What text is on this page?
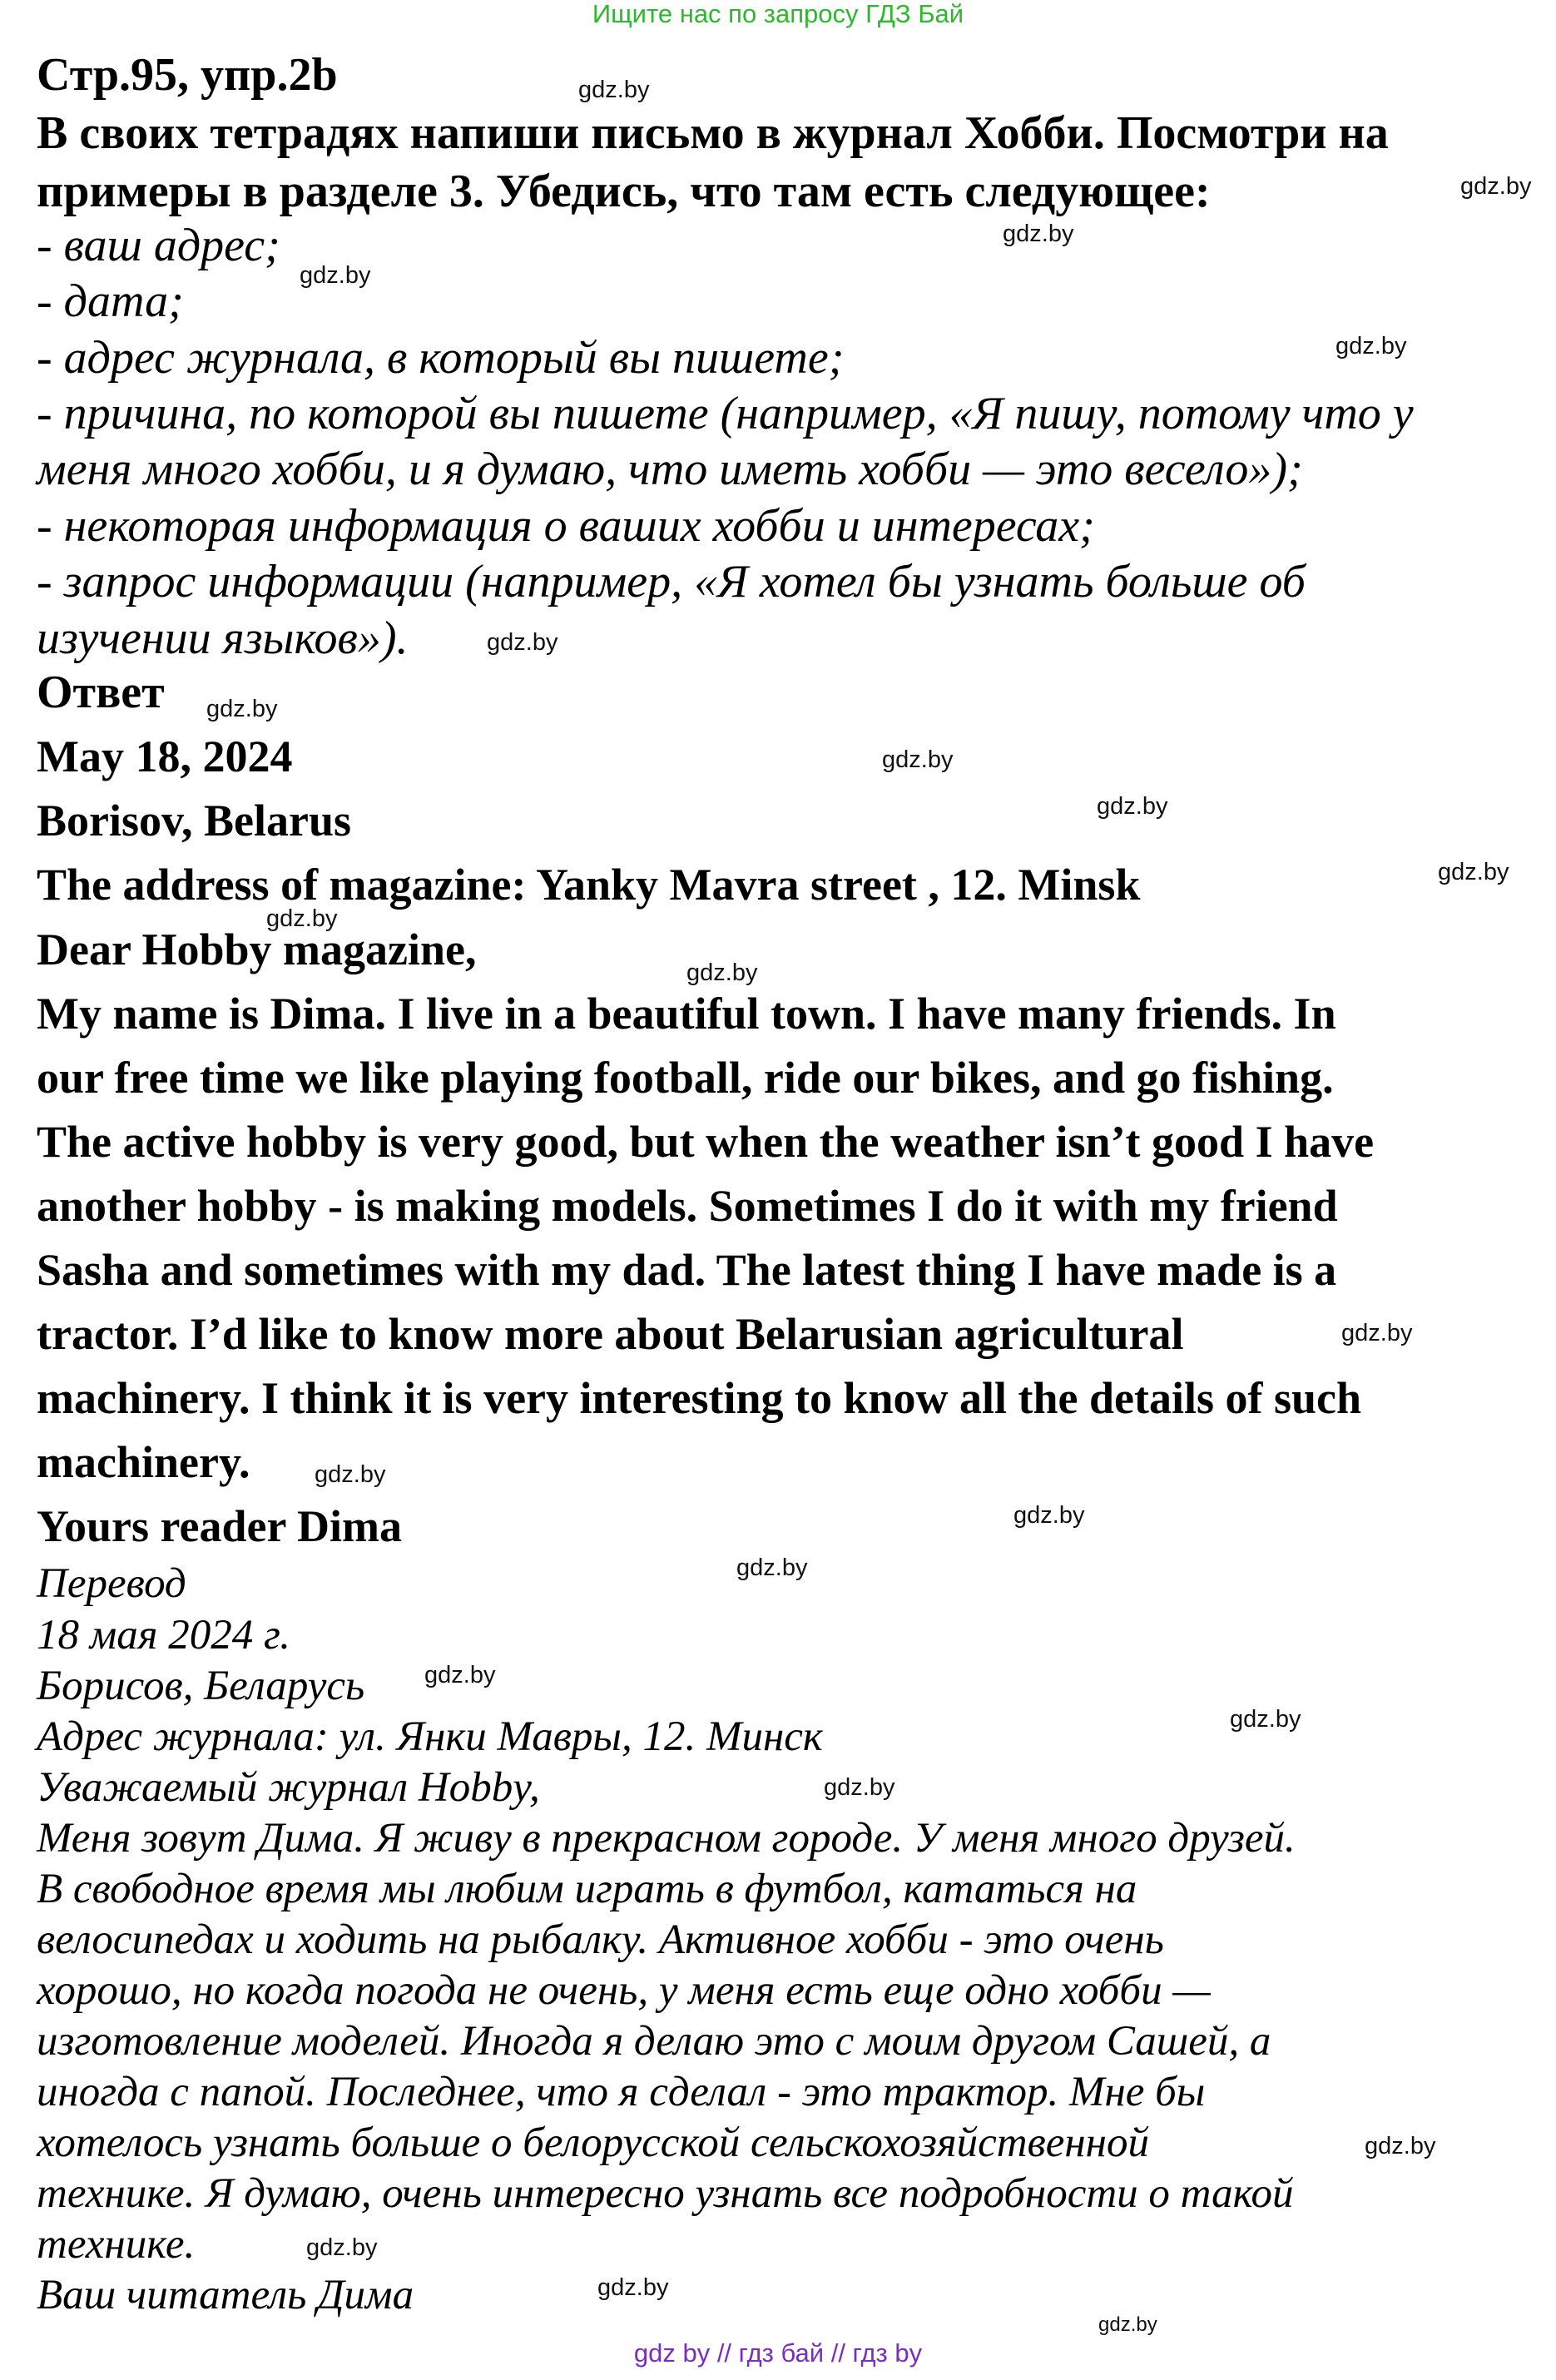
Ищите нас по запросу ГДЗ Бай
Стр.95, упр.2b
В своих тетрадях напиши письмо в журнал Хобби. Посмотри на
примеры в разделе 3. Убедись, что там есть следующее:
- ваш адрес;
- дата;
- адрес журнала, в который вы пишете;
- причина, по которой вы пишете (например, «Я пишу, потому что у
меня много хобби, и я думаю, что иметь хобби — это весело»);
- некоторая информация о ваших хобби и интересах;
- запрос информации (например, «Я хотел бы узнать больше об
изучении языков»).
Ответ
May 18, 2024
Borisov, Belarus
The address of magazine: Yanky Mavra street , 12. Minsk
Dear Hobby magazine,
My name is Dima. I live in a beautiful town. I have many friends. In
our free time we like playing football, ride our bikes, and go fishing.
The active hobby is very good, but when the weather isn’t good I have
another hobby - is making models. Sometimes I do it with my friend
Sasha and sometimes with my dad. The latest thing I have made is a
tractor. I’d like to know more about Belarusian agricultural
machinery. I think it is very interesting to know all the details of such
machinery.
Yours reader Dima
Перевод
18 мая 2024 г.
Борисов, Беларусь
Адрес журнала: ул. Янки Мавры, 12. Минск
Уважаемый журнал Hobby,
Меня зовут Дима. Я живу в прекрасном городе. У меня много друзей.
В свободное время мы любим играть в футбол, кататься на
велосипедах и ходить на рыбалку. Активное хобби - это очень
хорошо, но когда погода не очень, у меня есть еще одно хобби —
изготовление моделей. Иногда я делаю это с моим другом Сашей, а
иногда с папой. Последнее, что я сделал - это трактор. Мне бы
хотелось узнать больше о белорусской сельскохозяйственной
технике. Я думаю, очень интересно узнать все подробности о такой
технике.
Ваш читатель Дима
gdz.by
gdz.by
gdz.by
gdz.by
gdz.by
gdz.by
gdz.by
gdz.by
gdz.by
gdz.by
gdz.by
gdz.by
gdz.by
gdz.by
gdz.by
gdz.by
gdz.by
gdz.by
gdz.by
gdz.by
gdz.by
gdz.by
gdz.by
gdz by // гдз бай // гдз by
